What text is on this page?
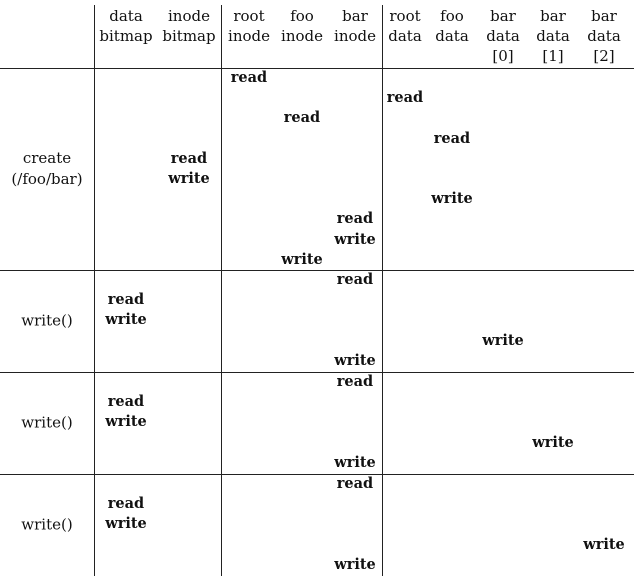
data
bitmap
inode
bitmap
root
inode
foo
inode
bar
inode
root
data
foo
data
bar
data
[0]
bar
data
[1]
bar
data
[2]
create
(/foo/bar)
read
read
read
read
read
write
write
read
write
write
write()
read
read
write
write
write
write()
read
read
write
write
write
write()
read
read
write
write
write
